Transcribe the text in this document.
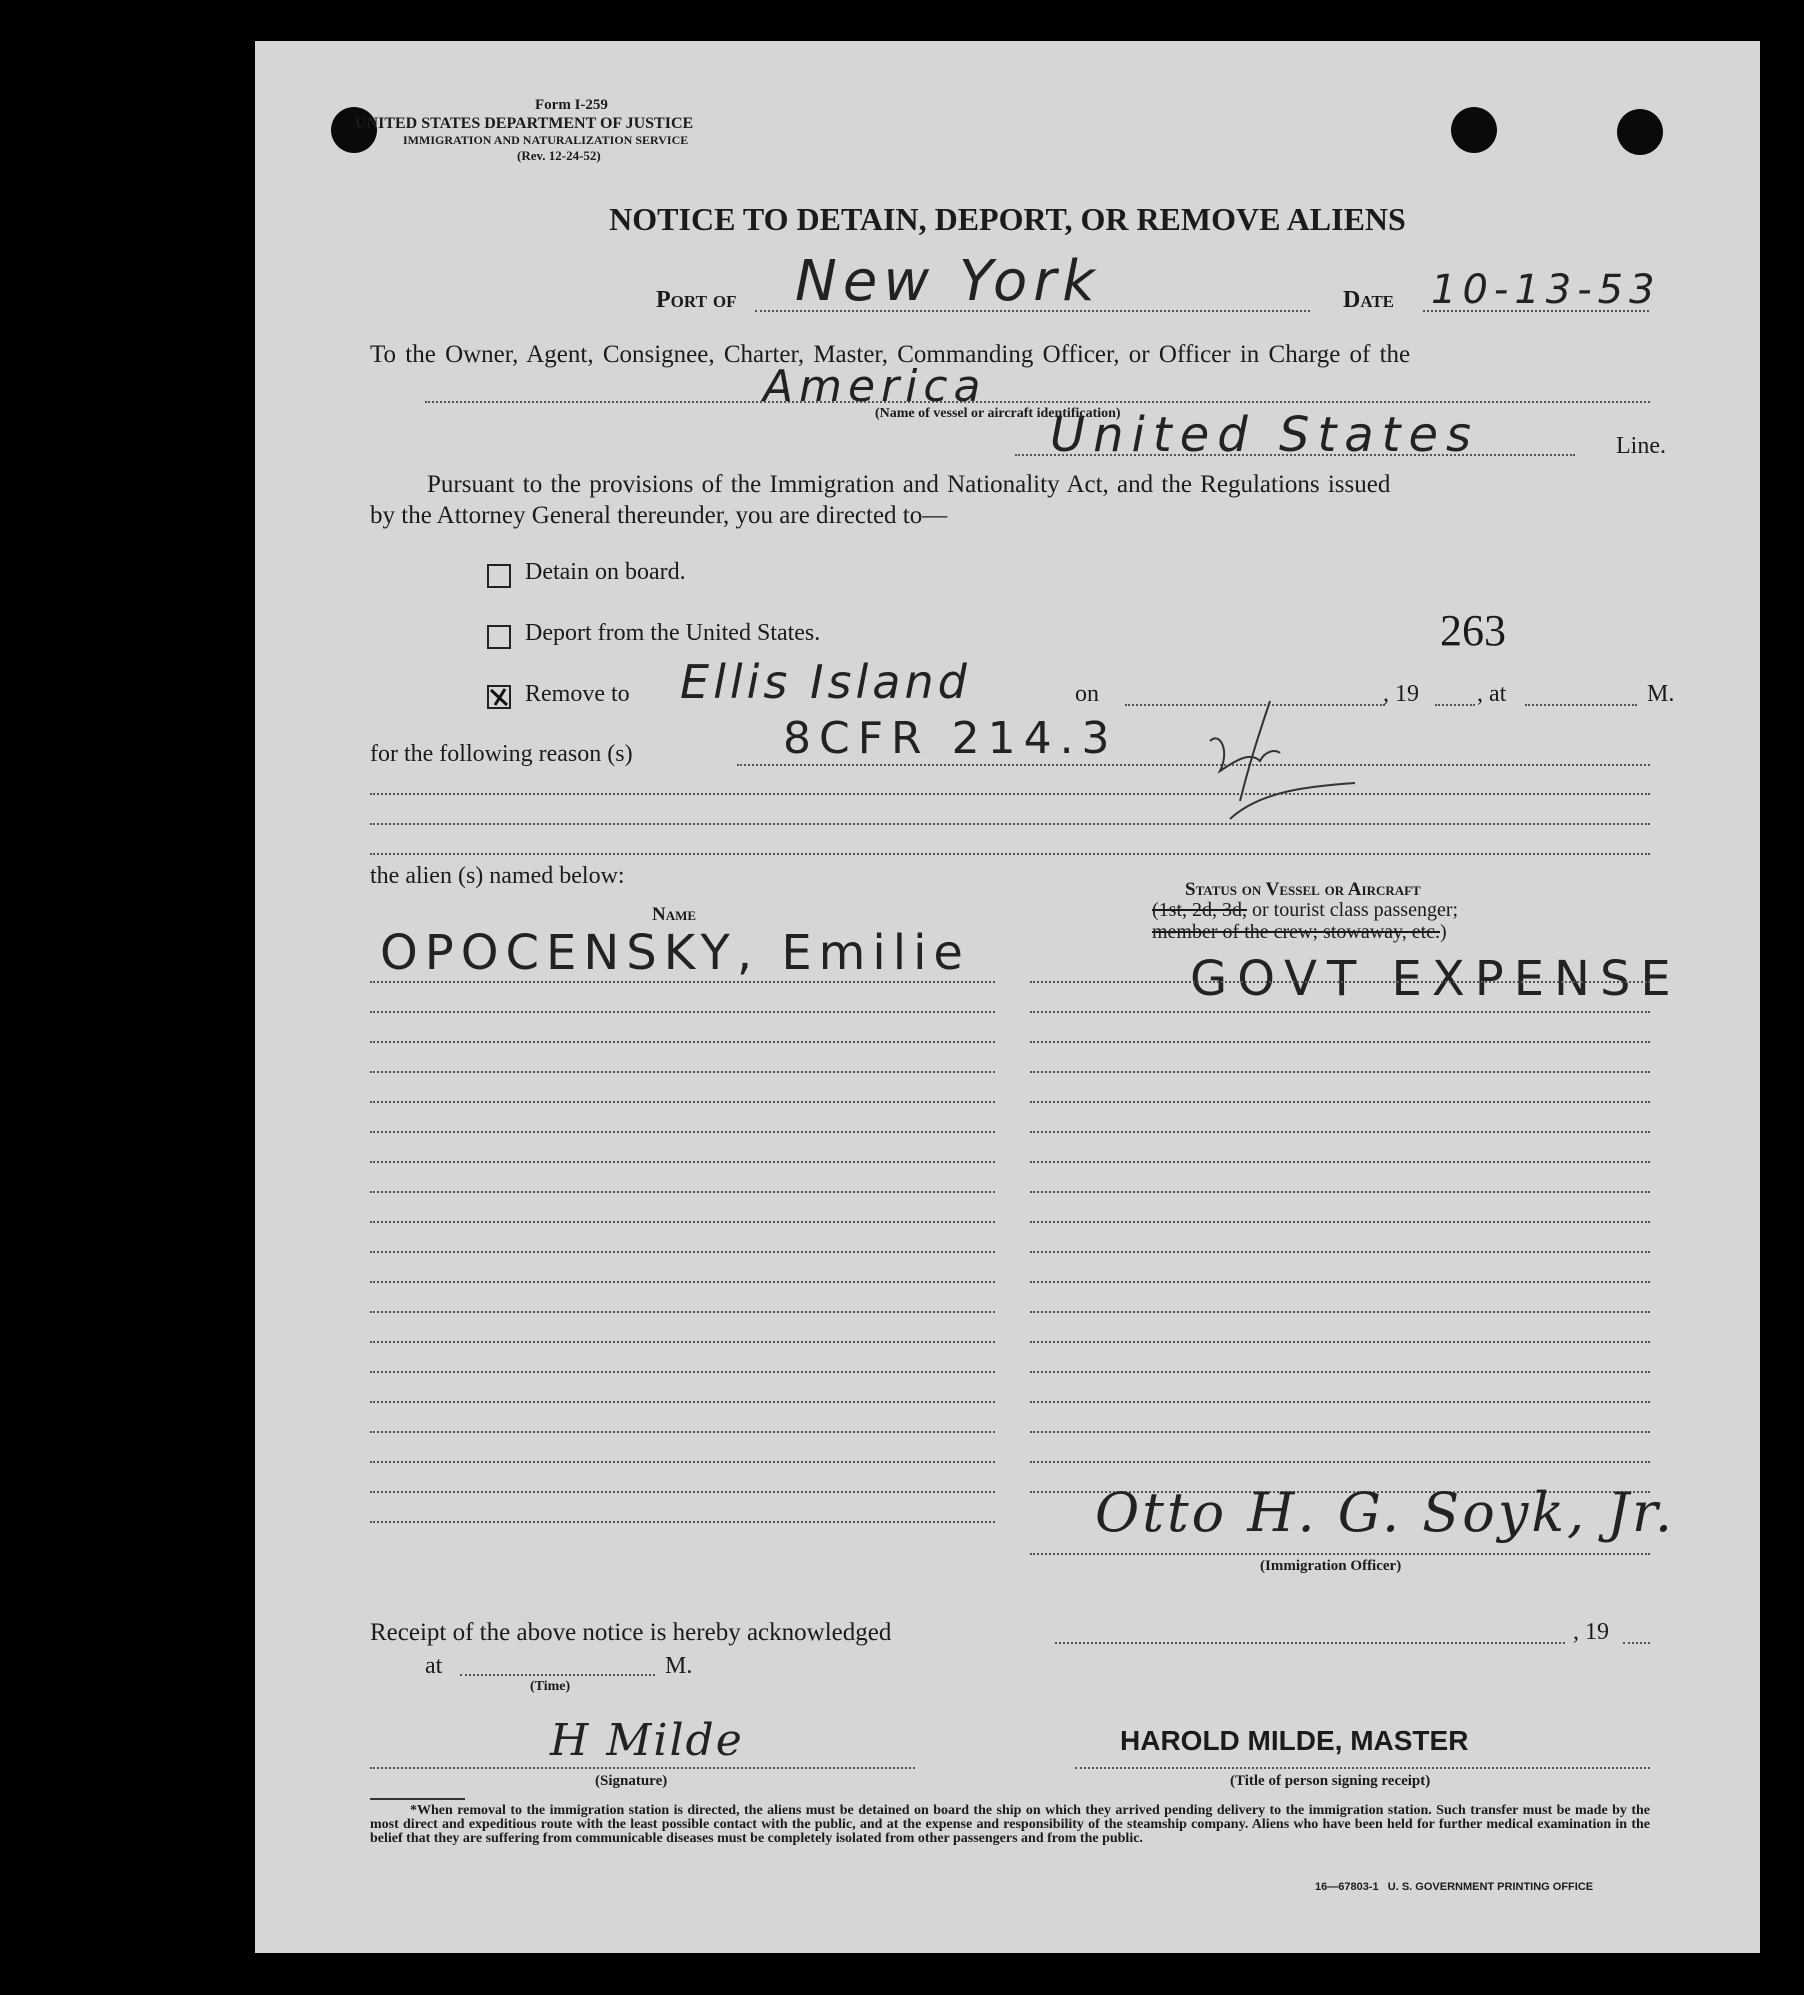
Form I-259
UNITED STATES DEPARTMENT OF JUSTICE
IMMIGRATION AND NATURALIZATION SERVICE
(Rev. 12-24-52)
NOTICE TO DETAIN, DEPORT, OR REMOVE ALIENS
Port of New York	Date 10-13-53
To the Owner, Agent, Consignee, Charter, Master, Commanding Officer, or Officer in Charge of the
America
(Name of vessel or aircraft identification)
United States	Line.
Pursuant to the provisions of the Immigration and Nationality Act, and the Regulations issued
by the Attorney General thereunder, you are directed to—
Detain on board.
Deport from the United States.	263
Remove to Ellis Island	on	, 19 , at	M.
for the following reason (s)	8CFR 214.3
the alien (s) named below:
Name
Status on Vessel or Aircraft
(1st, 2d, 3d, or tourist class passenger;
member of the crew; stowaway, etc.)
OPOCENSKY, Emilie	GOVT EXPENSE
Otto H. G. Soyk, Jr.
(Immigration Officer)
Receipt of the above notice is hereby acknowledged	, 19
at	M.
(Time)
H Milde
(Signature)
HAROLD MILDE, MASTER
(Title of person signing receipt)
*When removal to the immigration station is directed, the aliens must be detained on board the ship on which they arrived pending delivery to the immigration station. Such transfer must be made by the most direct and expeditious route with the least possible contact with the public, and at the expense and responsibility of the steamship company. Aliens who have been held for further medical examination in the belief that they are suffering from communicable diseases must be completely isolated from other passengers and from the public.
16—67803-1   U. S. GOVERNMENT PRINTING OFFICE
